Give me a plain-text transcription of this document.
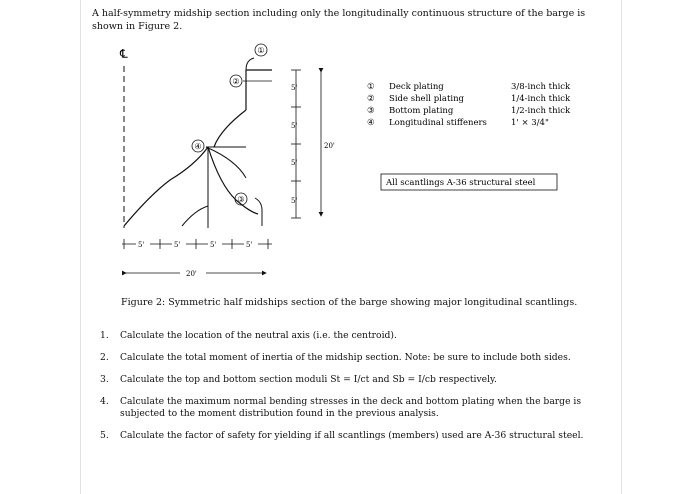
A half-symmetry midship section including only the longitudinally continuous structure of the barge is shown in Figure 2.
℄	①
②
④
③
5'
5'
5'
5'
20'
5'	5'	5'	5'
20'
① Deck plating	3/8-inch thick
② Side shell plating	1/4-inch thick
③ Bottom plating	1/2-inch thick
④ Longitudinal stiffeners	1' × 3/4"
All scantlings A-36 structural steel
Figure 2: Symmetric half midships section of the barge showing major longitudinal scantlings.
1. Calculate the location of the neutral axis (i.e. the centroid).
2. Calculate the total moment of inertia of the midship section. Note: be sure to include both sides.
3. Calculate the top and bottom section moduli St = I/ct and Sb = I/cb respectively.
4. Calculate the maximum normal bending stresses in the deck and bottom plating when the barge is subjected to the moment distribution found in the previous analysis.
5. Calculate the factor of safety for yielding if all scantlings (members) used are A-36 structural steel.
